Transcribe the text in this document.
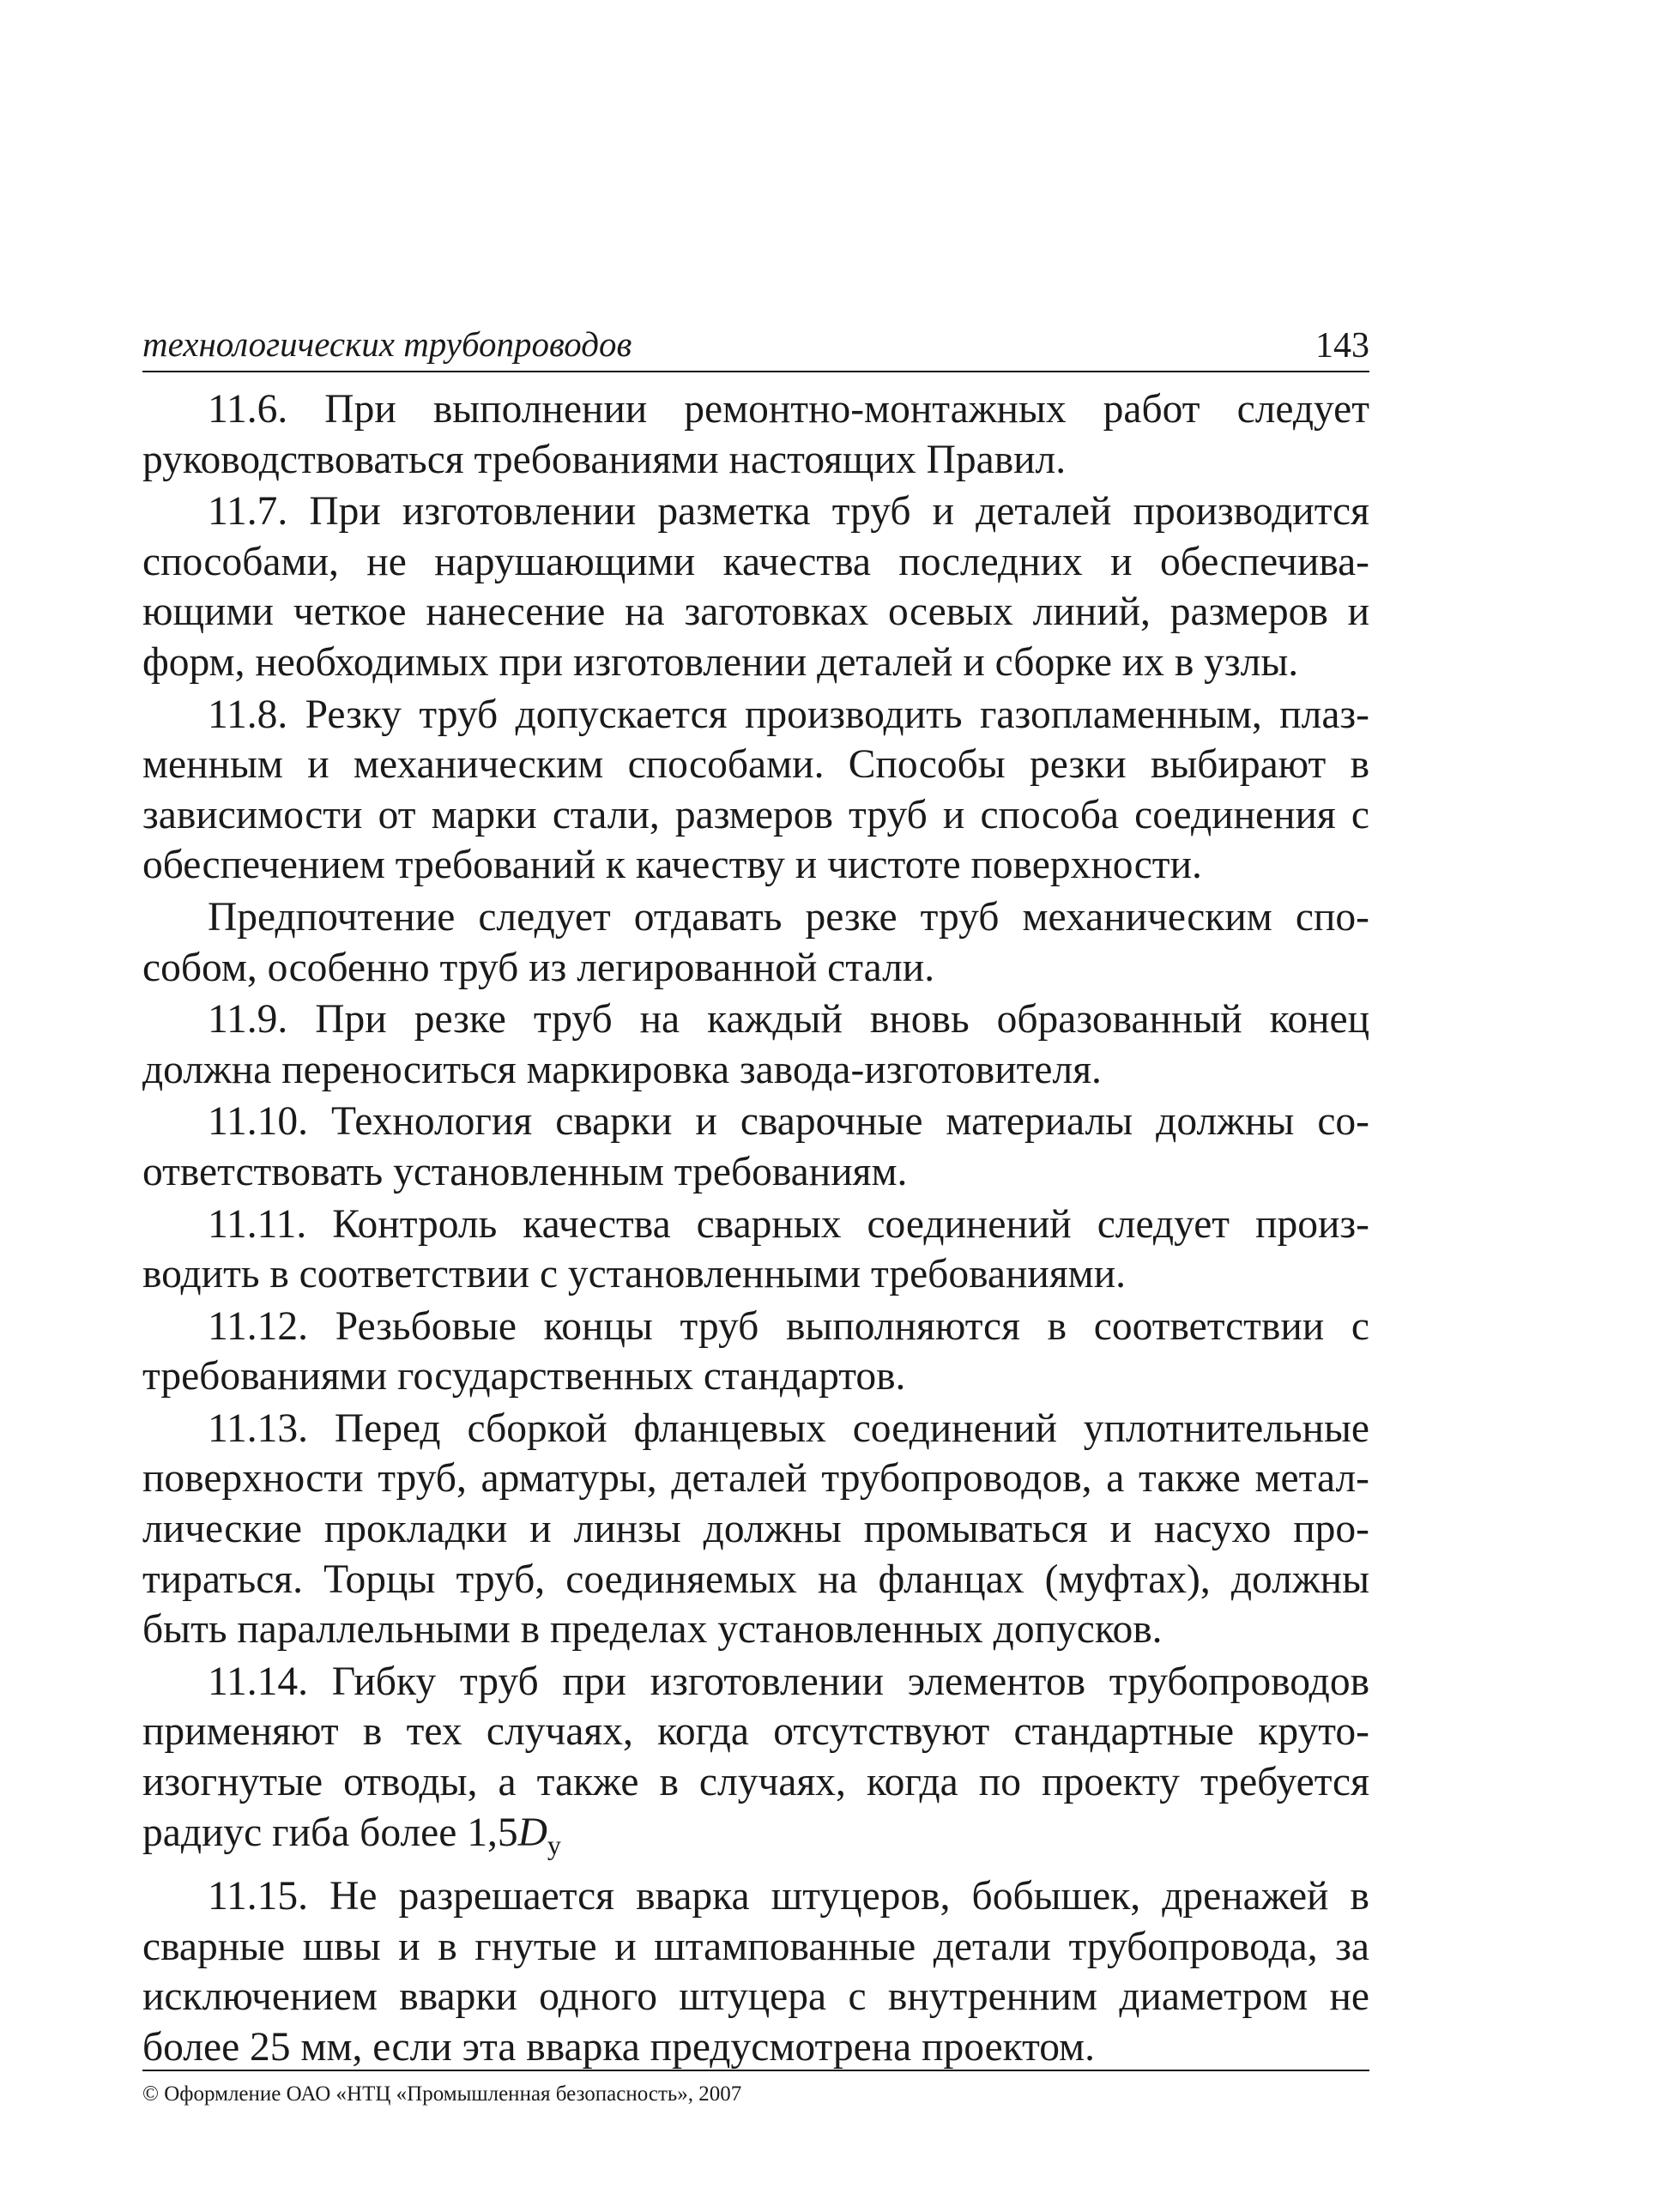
технологических трубопроводов	143

11.6. При выполнении ремонтно-монтажных работ следует руководствоваться требованиями настоящих Правил.

11.7. При изготовлении разметка труб и деталей производится способами, не нарушающими качества последних и обеспечивающими четкое нанесение на заготовках осевых линий, размеров и форм, необходимых при изготовлении деталей и сборке их в узлы.

11.8. Резку труб допускается производить газопламенным, плазменным и механическим способами. Способы резки выбирают в зависимости от марки стали, размеров труб и способа соединения с обеспечением требований к качеству и чистоте поверхности.

Предпочтение следует отдавать резке труб механическим способом, особенно труб из легированной стали.

11.9. При резке труб на каждый вновь образованный конец должна переноситься маркировка завода-изготовителя.

11.10. Технология сварки и сварочные материалы должны соответствовать установленным требованиям.

11.11. Контроль качества сварных соединений следует производить в соответствии с установленными требованиями.

11.12. Резьбовые концы труб выполняются в соответствии с требованиями государственных стандартов.

11.13. Перед сборкой фланцевых соединений уплотнительные поверхности труб, арматуры, деталей трубопроводов, а также металлические прокладки и линзы должны промываться и насухо протираться. Торцы труб, соединяемых на фланцах (муфтах), должны быть параллельными в пределах установленных допусков.

11.14. Гибку труб при изготовлении элементов трубопроводов применяют в тех случаях, когда отсутствуют стандартные крутоизогнутые отводы, а также в случаях, когда по проекту требуется радиус гиба более $1,5D_у$

11.15. Не разрешается вварка штуцеров, бобышек, дренажей в сварные швы и в гнутые и штампованные детали трубопровода, за исключением вварки одного штуцера с внутренним диаметром не более 25 мм, если эта вварка предусмотрена проектом.

© Оформление ОАО «НТЦ «Промышленная безопасность», 2007
